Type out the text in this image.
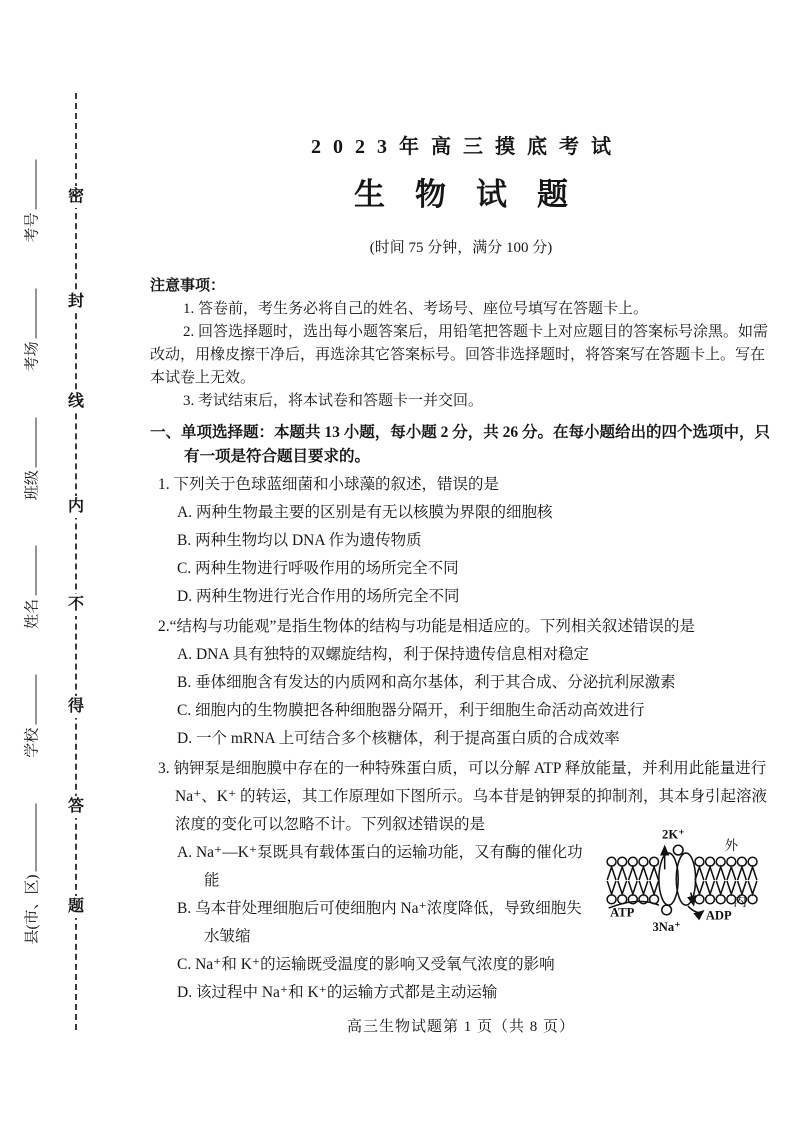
县(市、区)
学校
姓名
班级
考场
考号
密
封
线
内
不
得
答
题
2023年高三摸底考试
生物试题
(时间 75 分钟，满分 100 分)
注意事项：
1. 答卷前，考生务必将自己的姓名、考场号、座位号填写在答题卡上。
2. 回答选择题时，选出每小题答案后，用铅笔把答题卡上对应题目的答案标号涂黑。如需改动，用橡皮擦干净后，再选涂其它答案标号。回答非选择题时，将答案写在答题卡上。写在本试卷上无效。
3. 考试结束后，将本试卷和答题卡一并交回。
一、单项选择题：本题共 13 小题，每小题 2 分，共 26 分。在每小题给出的四个选项中，只有一项是符合题目要求的。
1. 下列关于色球蓝细菌和小球藻的叙述，错误的是
A. 两种生物最主要的区别是有无以核膜为界限的细胞核
B. 两种生物均以 DNA 作为遗传物质
C. 两种生物进行呼吸作用的场所完全不同
D. 两种生物进行光合作用的场所完全不同
2.“结构与功能观”是指生物体的结构与功能是相适应的。下列相关叙述错误的是
A. DNA 具有独特的双螺旋结构，利于保持遗传信息相对稳定
B. 垂体细胞含有发达的内质网和高尔基体，利于其合成、分泌抗利尿激素
C. 细胞内的生物膜把各种细胞器分隔开，利于细胞生命活动高效进行
D. 一个 mRNA 上可结合多个核糖体，利于提高蛋白质的合成效率
3. 钠钾泵是细胞膜中存在的一种特殊蛋白质，可以分解 ATP 释放能量，并利用此能量进行 Na⁺、K⁺ 的转运，其工作原理如下图所示。乌本苷是钠钾泵的抑制剂，其本身引起溶液浓度的变化可以忽略不计。下列叙述错误的是
2K⁺
外
ATP	ADP
3Na⁺
内
A. Na⁺—K⁺泵既具有载体蛋白的运输功能，又有酶的催化功能
B. 乌本苷处理细胞后可使细胞内 Na⁺浓度降低，导致细胞失水皱缩
C. Na⁺和 K⁺的运输既受温度的影响又受氧气浓度的影响
D. 该过程中 Na⁺和 K⁺的运输方式都是主动运输
高三生物试题第 1 页（共 8 页）
